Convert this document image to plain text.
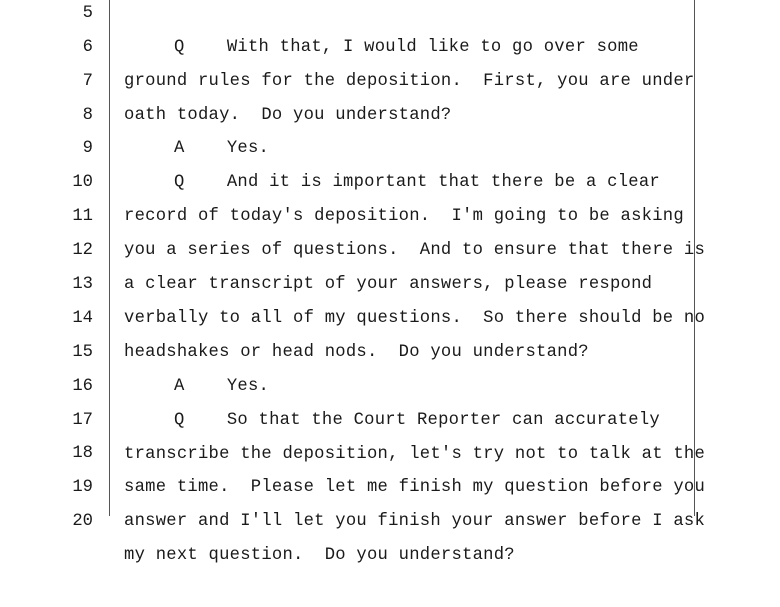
5

Q    With that, I would like to go over some

6

ground rules for the deposition.  First, you are under

7

oath today.  Do you understand?

8

A    Yes.

9

Q    And it is important that there be a clear

10

record of today's deposition.  I'm going to be asking

11

you a series of questions.  And to ensure that there is

12

a clear transcript of your answers, please respond

13

verbally to all of my questions.  So there should be no

14

headshakes or head nods.  Do you understand?

15

A    Yes.

16

Q    So that the Court Reporter can accurately

17

transcribe the deposition, let's try not to talk at the

18

same time.  Please let me finish my question before you

19

answer and I'll let you finish your answer before I ask

20

my next question.  Do you understand?
